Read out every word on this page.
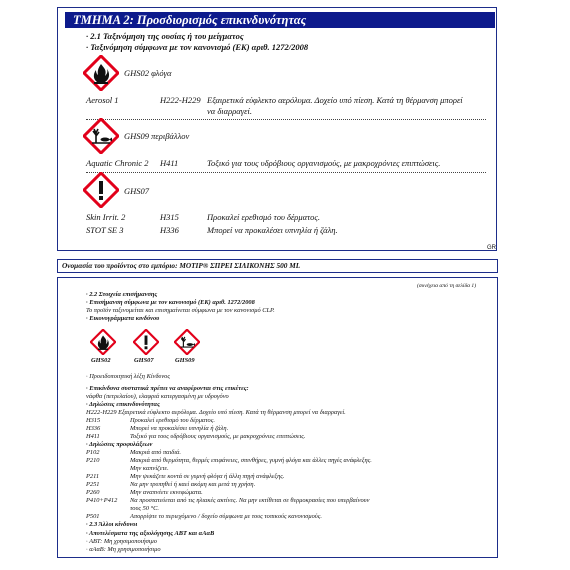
ΤΜΗΜΑ 2: Προσδιορισμός επικινδυνότητας
· 2.1 Ταξινόμηση της ουσίας ή του μείγματος
· Ταξινόμηση σύμφωνα με τον κανονισμό (ΕΚ) αριθ. 1272/2008
GHS02 φλόγα
Aerosol 1	H222-H229 Εξαιρετικά εύφλεκτο αερόλυμα. Δοχείο υπό πίεση. Κατά τη θέρμανση μπορεί
να διαρραγεί.
GHS09 περιβάλλον
Aquatic Chronic 2 H411	Τοξικό για τους υδρόβιους οργανισμούς, με μακροχρόνιες επιπτώσεις.
GHS07
Skin Irrit. 2	H315	Προκαλεί ερεθισμό του δέρματος.
STOT SE 3	H336	Μπορεί να προκαλέσει υπνηλία ή ζάλη.
GR
Ονομασία του προϊόντος στο εμπόριο: MOTIP® ΣΠΡΕΙ ΣΙΛΙΚΟΝΗΣ 500 ML
(συνέχεια από τη σελίδα 1)
· 2.2 Στοιχεία επισήμανσης
· Επισήμανση σύμφωνα με τον κανονισμό (ΕΚ) αριθ. 1272/2008
Το προϊόν ταξινομείται και επισημαίνεται σύμφωνα με τον κανονισμό CLP.
· Εικονογράμματα κινδύνου
GHS02	GHS07	GHS09
· Προειδοποιητική λέξη Κίνδυνος
· Επικίνδυνα συστατικά πρέπει να αναφέρονται στις ετικέτες:
νάφθα (πετρελαίου), ελαφριά κατεργασμένη με υδρογόνο
· Δηλώσεις επικινδυνότητας
H222-H229 Εξαιρετικά εύφλεκτο αερόλυμα. Δοχείο υπό πίεση. Κατά τη θέρμανση μπορεί να διαρραγεί.
H315	Προκαλεί ερεθισμό του δέρματος.
H336	Μπορεί να προκαλέσει υπνηλία ή ζάλη.
H411	Τοξικό για τους υδρόβιους οργανισμούς, με μακροχρόνιες επιπτώσεις.
· Δηλώσεις προφυλάξεων
P102	Μακριά από παιδιά.
P210	Μακριά από θερμότητα, θερμές επιφάνειες, σπινθήρες, γυμνή φλόγα και άλλες πηγές ανάφλεξης.
Μην καπνίζετε.
P211	Μην ψεκάζετε κοντά σε γυμνή φλόγα ή άλλη πηγή ανάφλεξης.
P251	Να μην τρυπηθεί ή καεί ακόμη και μετά τη χρήση.
P260	Μην αναπνέετε εκνεφώματα.
P410+P412 Να προστατεύεται από τις ηλιακές ακτίνες. Να μην εκτίθεται σε θερμοκρασίες που υπερβαίνουν
τους 50 °C.
P501	Απορρίψτε το περιεχόμενο / δοχείο σύμφωνα με τους τοπικούς κανονισμούς.
· 2.3 Άλλοι κίνδυνοι
· Αποτελέσματα της αξιολόγησης ΑΒΤ και αΑαΒ
· ΑΒΤ: Μη χρησιμοποιήσιμο
· αΑαΒ: Μη χρησιμοποιήσιμο
